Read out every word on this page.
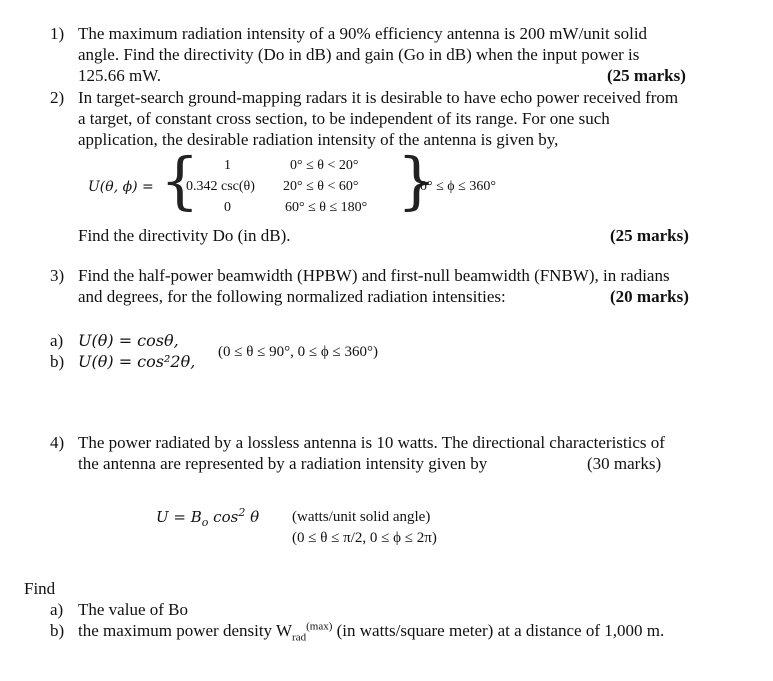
1) The maximum radiation intensity of a 90% efficiency antenna is 200 mW/unit solid
angle. Find the directivity (Do in dB) and gain (Go in dB) when the input power is
125.66 mW.	(25 marks)
2) In target-search ground-mapping radars it is desirable to have echo power received from
a target, of constant cross section, to be independent of its range. For one such
application, the desirable radiation intensity of the antenna is given by,
U(θ, ϕ) = { 1	0° ≤ θ < 20°
0.342 csc(θ) 20° ≤ θ < 60°
0	60° ≤ θ ≤ 180° }
0° ≤ ϕ ≤ 360°
Find the directivity Do (in dB).	(25 marks)
3) Find the half-power beamwidth (HPBW) and first-null beamwidth (FNBW), in radians
and degrees, for the following normalized radiation intensities:	(20 marks)
a) U(θ) = cosθ,
b) U(θ) = cos²2θ, (0 ≤ θ ≤ 90°, 0 ≤ ϕ ≤ 360°)
4) The power radiated by a lossless antenna is 10 watts. The directional characteristics of
the antenna are represented by a radiation intensity given by	(30 marks)
$U = B_o$ $\cos^2 \theta$ (watts/unit solid angle)
(0 ≤ θ ≤ π/2, 0 ≤ ϕ ≤ 2π)
Find
a) The value of Bo
b) the maximum power density $W_{rad}^{(max)}$ (in watts/square meter) at a distance of 1,000 m.
